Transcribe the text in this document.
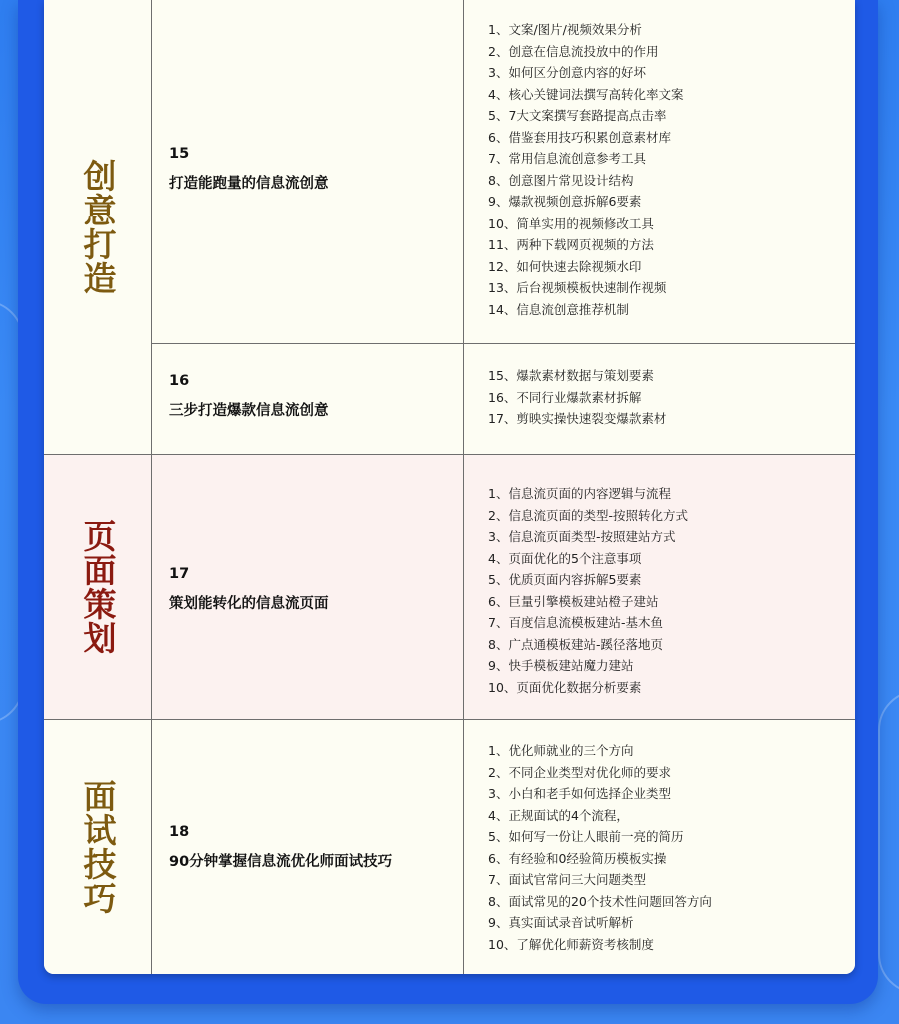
创意打造
15
打造能跑量的信息流创意
1、文案/图片/视频效果分析
2、创意在信息流投放中的作用
3、如何区分创意内容的好坏
4、核心关键词法撰写高转化率文案
5、7大文案撰写套路提高点击率
6、借鉴套用技巧积累创意素材库
7、常用信息流创意参考工具
8、创意图片常见设计结构
9、爆款视频创意拆解6要素
10、简单实用的视频修改工具
11、两种下载网页视频的方法
12、如何快速去除视频水印
13、后台视频模板快速制作视频
14、信息流创意推荐机制
16
三步打造爆款信息流创意
15、爆款素材数据与策划要素
16、不同行业爆款素材拆解
17、剪映实操快速裂变爆款素材
页面策划	17
策划能转化的信息流页面
1、信息流页面的内容逻辑与流程
2、信息流页面的类型-按照转化方式
3、信息流页面类型-按照建站方式
4、页面优化的5个注意事项
5、优质页面内容拆解5要素
6、巨量引擎模板建站橙子建站
7、百度信息流模板建站-基木鱼
8、广点通模板建站-蹊径落地页
9、快手模板建站魔力建站
10、页面优化数据分析要素
面试技巧	18
90分钟掌握信息流优化师面试技巧
1、优化师就业的三个方向
2、不同企业类型对优化师的要求
3、小白和老手如何选择企业类型
4、正规面试的4个流程，
5、如何写一份让人眼前一亮的简历
6、有经验和0经验简历模板实操
7、面试官常问三大问题类型
8、面试常见的20个技术性问题回答方向
9、真实面试录音试听解析
10、了解优化师薪资考核制度
